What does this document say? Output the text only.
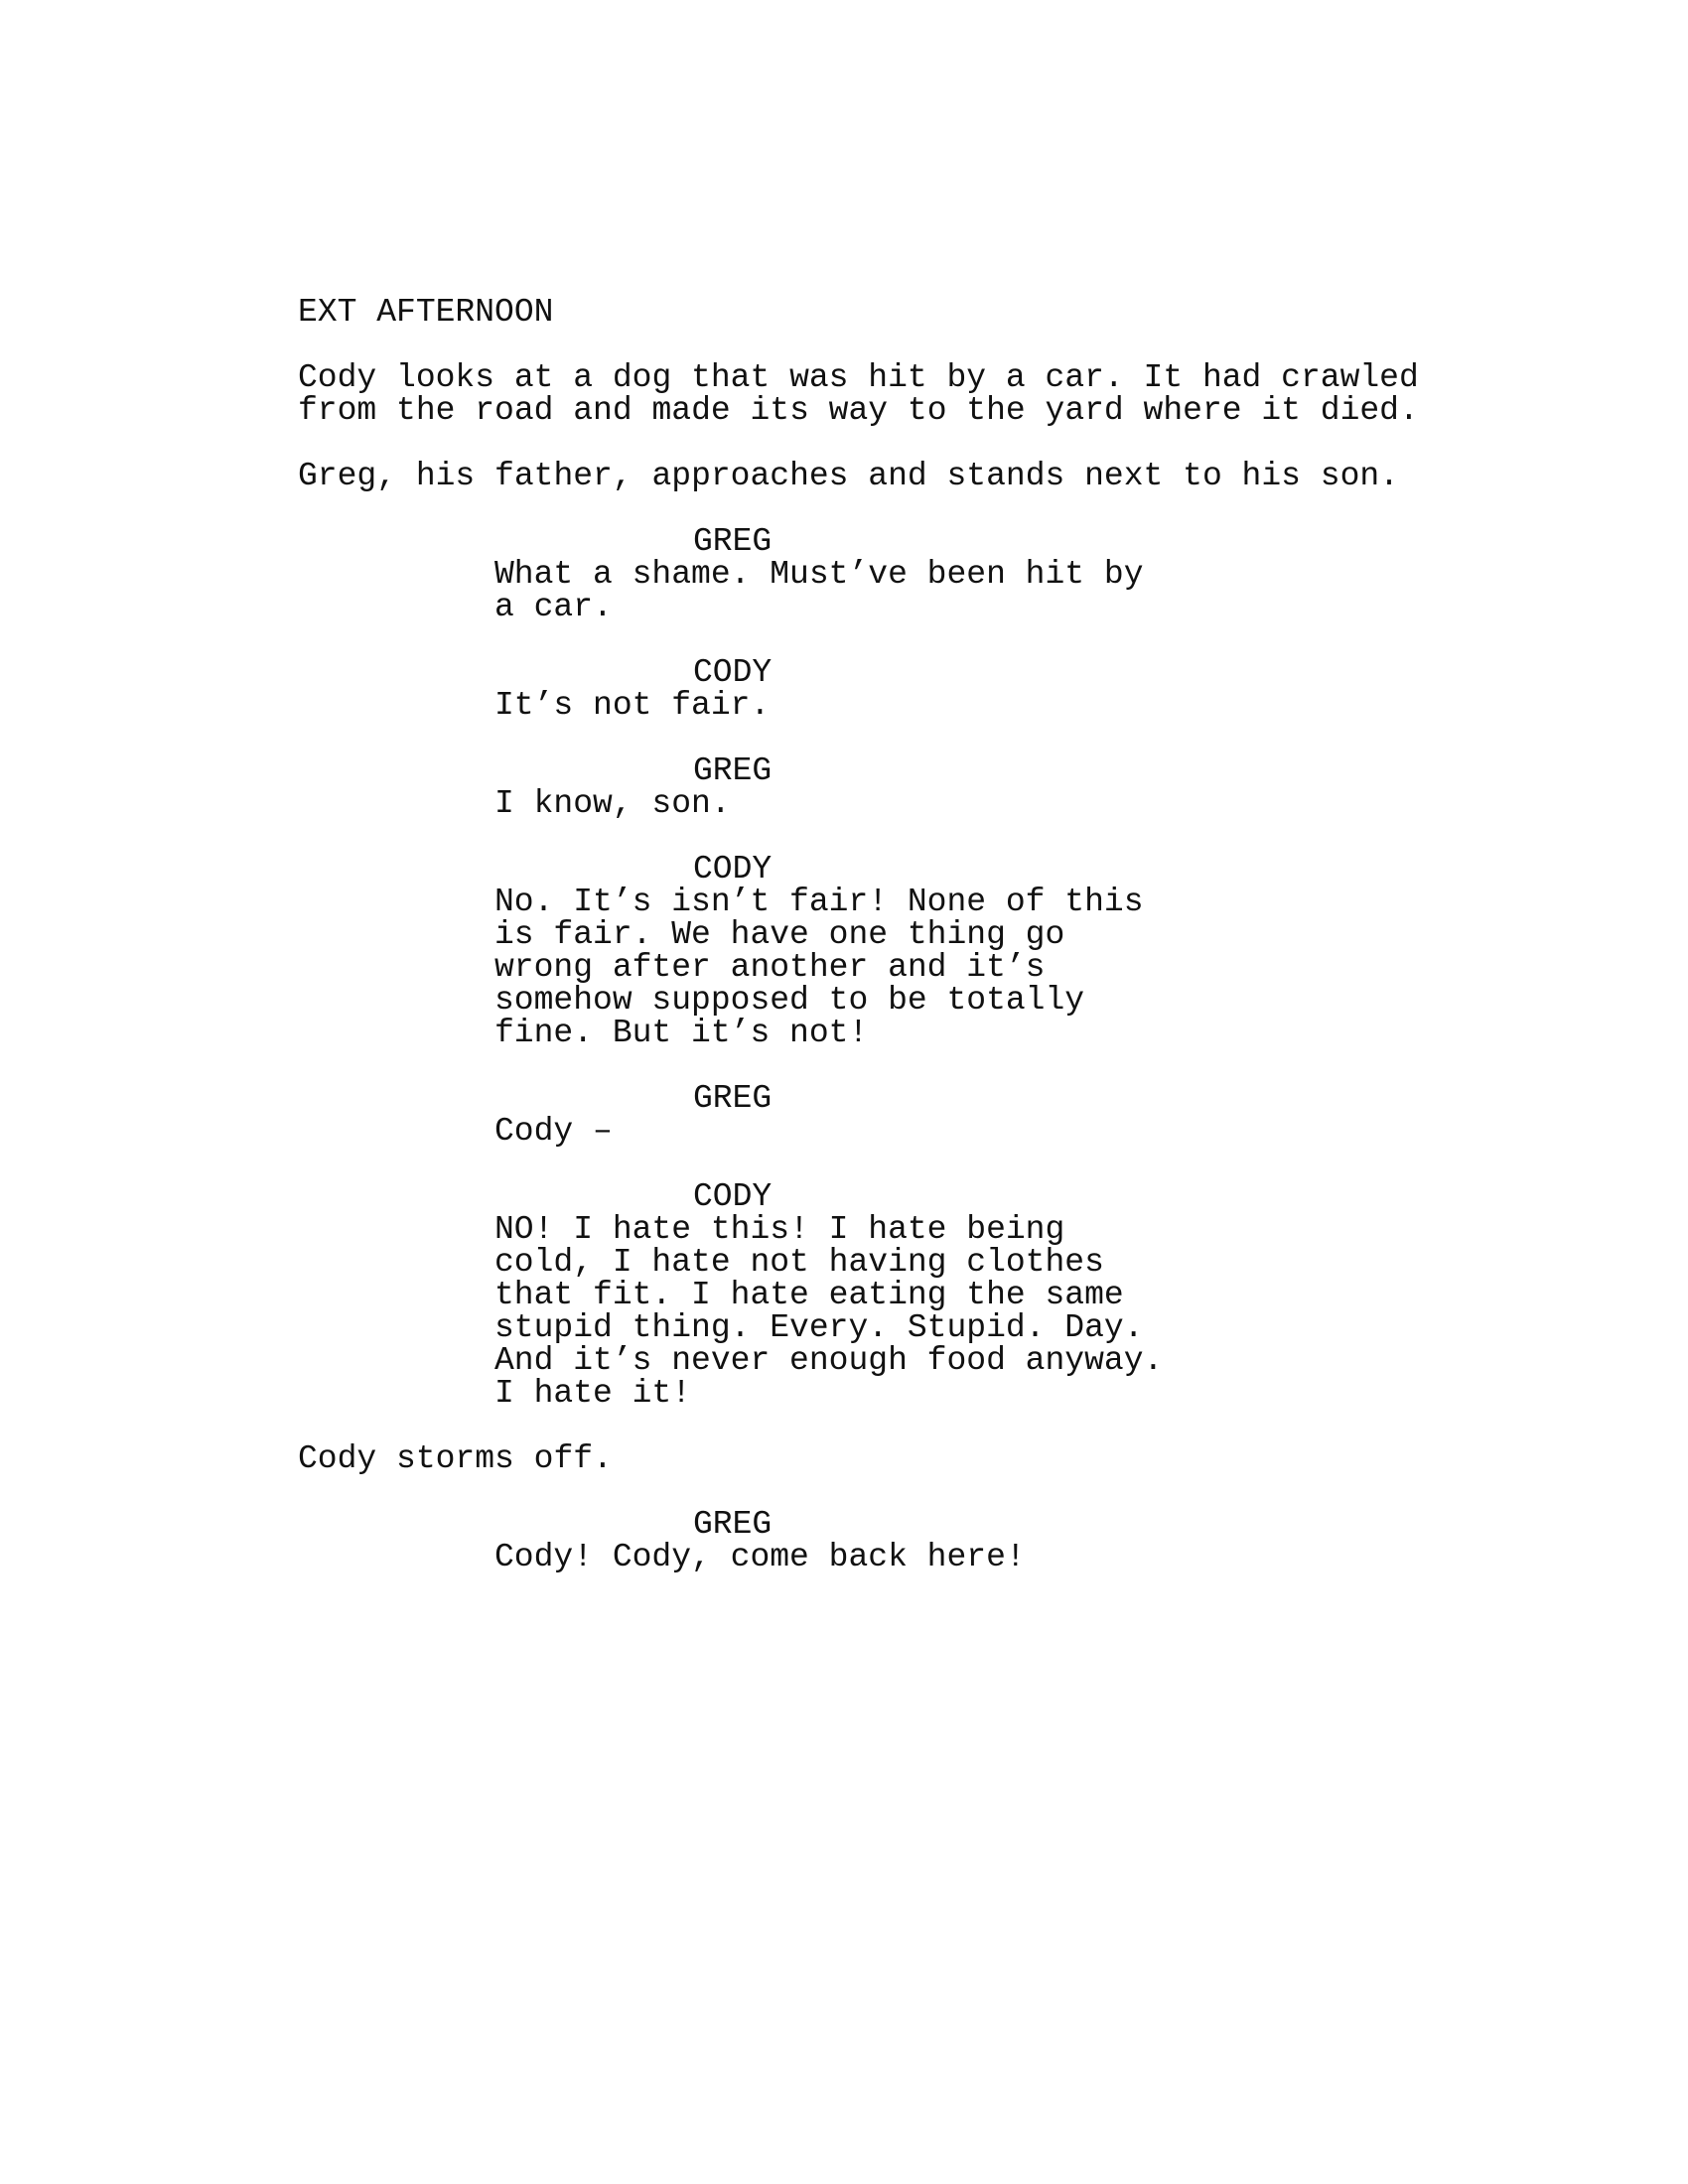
EXT AFTERNOON
Cody looks at a dog that was hit by a car. It had crawled
from the road and made its way to the yard where it died.
Greg, his father, approaches and stands next to his son.
GREG
What a shame. Must’ve been hit by
a car.
CODY
It’s not fair.
GREG
I know, son.
CODY
No. It’s isn’t fair! None of this
is fair. We have one thing go
wrong after another and it’s
somehow supposed to be totally
fine. But it’s not!
GREG
Cody –
CODY
NO! I hate this! I hate being
cold, I hate not having clothes
that fit. I hate eating the same
stupid thing. Every. Stupid. Day.
And it’s never enough food anyway.
I hate it!
Cody storms off.
GREG
Cody! Cody, come back here!
